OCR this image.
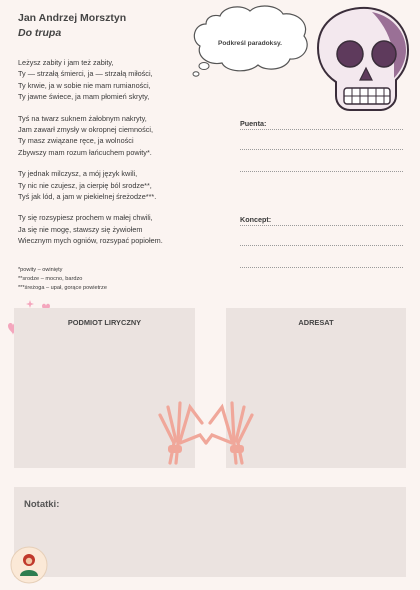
Jan Andrzej Morsztyn
Do trupa
Leżysz zabity i jam też zabity,
Ty — strzałą śmierci, ja — strzałą miłości,
Ty krwie, ja w sobie nie mam rumianości,
Ty jawne świece, ja mam płomień skryty,
Tyś na twarz suknem żałobnym nakryty,
Jam zawarł zmysły w okropnej ciemności,
Ty masz związane ręce, ja wolności
Zbywszy mam rozum łańcuchem powity*.
Ty jednak milczysz, a mój język kwili,
Ty nic nie czujesz, ja cierpię ból srodze**,
Tyś jak lód, a jam w piekielnej śreżodze***.
Ty się rozsypiesz prochem w małej chwili,
Ja się nie mogę, stawszy się żywiołem
Wiecznym mych ogniów, rozsypać popiołem.
*powity – owinięty
**srodze – mocno, bardzo
***śreżoga – upał, gorące powietrze
Podkreśl paradoksy.
Puenta:
Koncept:
PODMIOT LIRYCZNY	ADRESAT
Notatki:
